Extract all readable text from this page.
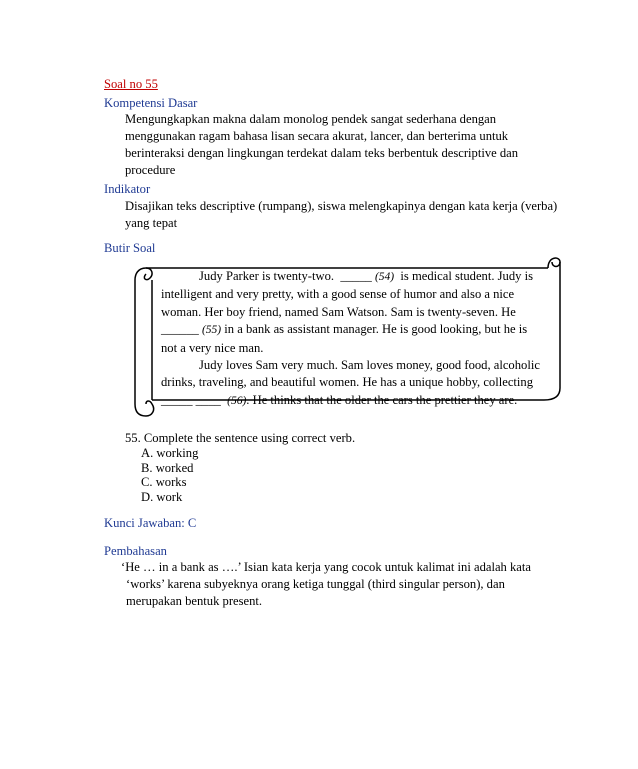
Soal no 55
Kompetensi Dasar
Mengungkapkan makna dalam monolog pendek sangat sederhana dengan
menggunakan ragam bahasa lisan secara akurat, lancer, dan berterima untuk
berinteraksi dengan lingkungan terdekat dalam teks berbentuk descriptive dan
procedure
Indikator
Disajikan teks descriptive (rumpang), siswa melengkapinya dengan kata kerja (verba)
yang tepat
Butir Soal
Judy Parker is twenty-two. _____ (54) is medical student. Judy is
intelligent and very pretty, with a good sense of humor and also a nice
woman. Her boy friend, named Sam Watson. Sam is twenty-seven. He
______ (55) in a bank as assistant manager. He is good looking, but he is
not a very nice man.
Judy loves Sam very much. Sam loves money, good food, alcoholic
drinks, traveling, and beautiful women. He has a unique hobby, collecting
_____ ____ (56). He thinks that the older the cars the prettier they are.
55. Complete the sentence using correct verb.
A. working
B. worked
C. works
D. work
Kunci Jawaban: C
Pembahasan
‘He … in a bank as ….’ Isian kata kerja yang cocok untuk kalimat ini adalah kata
‘works’ karena subyeknya orang ketiga tunggal (third singular person), dan
merupakan bentuk present.
